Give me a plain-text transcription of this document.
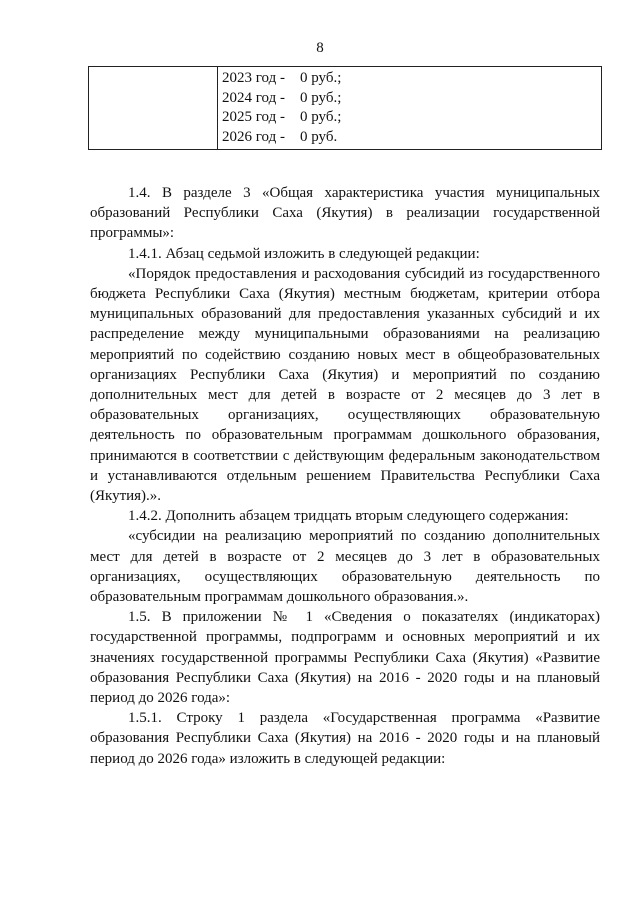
8

2023 год -    0 руб.;
2024 год -    0 руб.;
2025 год -    0 руб.;
2026 год -    0 руб.

1.4. В разделе 3 «Общая характеристика участия муниципальных образований Республики Саха (Якутия) в реализации государственной программы»:

1.4.1. Абзац седьмой изложить в следующей редакции:

«Порядок предоставления и расходования субсидий из государственного бюджета Республики Саха (Якутия) местным бюджетам, критерии отбора муниципальных образований для предоставления указанных субсидий и их распределение между муниципальными образованиями на реализацию мероприятий по содействию созданию новых мест в общеобразовательных организациях Республики Саха (Якутия) и мероприятий по созданию дополнительных мест для детей в возрасте от 2 месяцев до 3 лет в образовательных организациях, осуществляющих образовательную деятельность по образовательным программам дошкольного образования, принимаются в соответствии с действующим федеральным законодательством и устанавливаются отдельным решением Правительства Республики Саха (Якутия).».

1.4.2. Дополнить абзацем тридцать вторым следующего содержания:

«субсидии на реализацию мероприятий по созданию дополнительных мест для детей в возрасте от 2 месяцев до 3 лет в образовательных организациях, осуществляющих образовательную деятельность по образовательным программам дошкольного образования.».

1.5. В приложении № 1 «Сведения о показателях (индикаторах) государственной программы, подпрограмм и основных мероприятий и их значениях государственной программы Республики Саха (Якутия) «Развитие образования Республики Саха (Якутия) на 2016 - 2020 годы и на плановый период до 2026 года»:

1.5.1. Строку 1 раздела «Государственная программа «Развитие образования Республики Саха (Якутия) на 2016 - 2020 годы и на плановый период до 2026 года» изложить в следующей редакции:
